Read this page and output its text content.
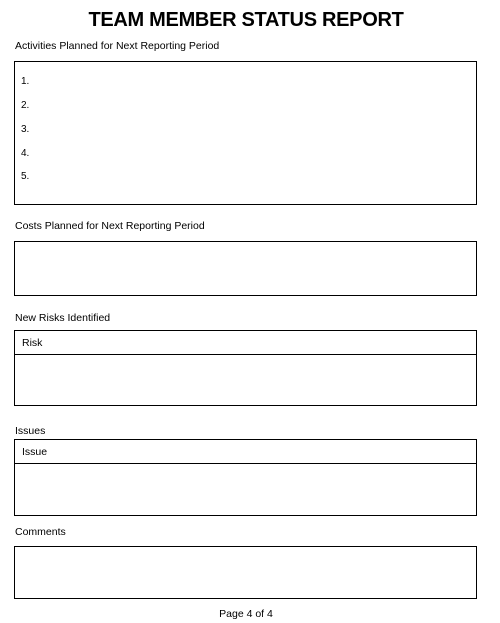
TEAM MEMBER STATUS REPORT
Activities Planned for Next Reporting Period
1.
2.
3.
4.
5.
Costs Planned for Next Reporting Period
New Risks Identified
Risk
Issues
Issue
Comments
Page 4 of 4
